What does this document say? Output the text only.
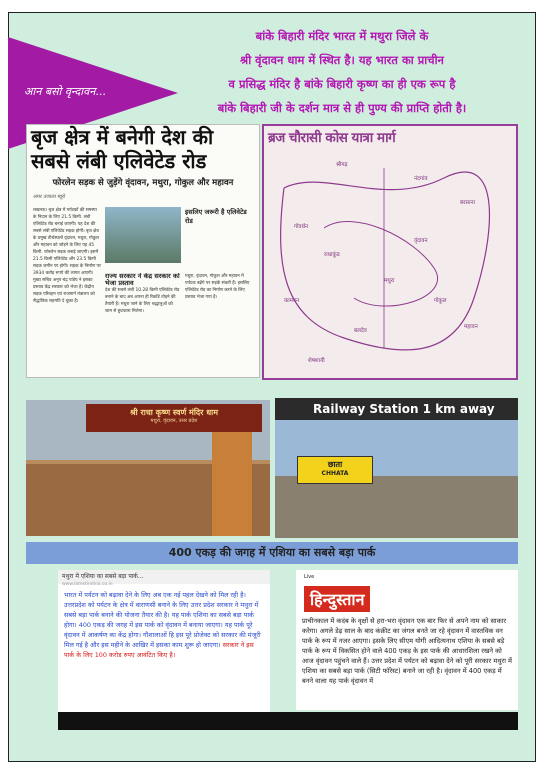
आन बसो वृन्दावन...
बांके बिहारी मंदिर भारत में मथुरा जिले के
श्री वृंदावन धाम में स्थित है। यह भारत का प्राचीन
व प्रसिद्ध मंदिर है बांके बिहारी कृष्ण का ही एक रूप है
बांके बिहारी जी के दर्शन मात्र से ही पुण्य की प्राप्ति होती है।
बृज क्षेत्र में बनेगी देश की
सबसे लंबी एलिवेटेड रोड
फोरलेन सड़क से जुड़ेंगे वृंदावन, मथुरा, गोकुल और महावन
अमर उजाला ब्यूरो
लखनऊ। बृज क्षेत्र में पर्यटकों की समस्या के निदान के लिए 21.5 किमी. लंबी एलिवेटेड रोड बनाई जाएगी। यह देश की सबसे लंबी एलिवेटेड सड़क होगी। बृज क्षेत्र के प्रमुख तीर्थस्थलों वृंदावन, मथुरा, गोकुल और महावन को जोड़ने के लिए यह 45 किमी. फोरलेन सड़क बनाई जाएगी। इसमें 21.5 किमी एलिवेटेड और 23.5 किमी सड़क जमीन पर होगी। सड़क के निर्माण पर 3934 करोड़ रुपये की लागत आएगी। मुख्य सचिव अनूप चंद्र पांडेय ने इसका प्रस्ताव केंद्र सरकार को भेजा है। केंद्रीय सड़क परिवहन एवं राजमार्ग मंत्रालय को सैद्धांतिक सहमति दे चुका है।
राज्य सरकार ने केंद्र सरकार को भेजा प्रस्ताव
देश की सबसे लंबी 10.28 किमी एलिवेटेड रोड बनाने के बाद अब अपना ही रिकॉर्ड तोड़ने की तैयारी है। मथुरा जाने के लिए श्रद्धालुओं को जाम से छुटकारा मिलेगा।
इसलिए जरूरी है एलिवेटेड रोड
मथुरा, वृंदावन, गोकुल और महावन में पर्यटक बढ़ेंगे पर सड़कें संकरी हैं। इसलिए एलिवेटेड रोड का निर्माण करने के लिए प्रस्ताव भेजा गया है।
ब्रज चौरासी कोस यात्रा मार्ग
श्रीगढ़
नंदगांव
बरसाना
गोवर्धन
राधाकुंड
वृंदावन
मथुरा
गोकुल
महावन
बलदेव
कामवन
शेषशायी
श्री राधा कृष्ण स्वर्ण मंदिर धाम
मथुरा, वृंदावन, उत्तर प्रदेश
Railway Station 1 km away
छाता
CHHATA
400 एकड़ की जगह में एशिया का सबसे बड़ा पार्क
मथुरा में एशिया का सबसे बड़ा पार्क...
www.latestindnia.co.in
भारत में पर्यटन को बढ़ावा देने के लिए अब एक नई पहल देखने को मिल रही है। उत्तरप्रदेश को पर्यटन के क्षेत्र में वाराणसी बनाने के लिए उत्तर प्रदेश सरकार ने मथुरा में सबसे बड़ा पार्क बनाने की योजना तैयार की है। यह पार्क एशिया का सबसे बड़ा पार्क होगा। 400 एकड़ की जगह में इस पार्क को वृंदावन में बनाया जाएगा। यह पार्क पूरे वृंदावन में आकर्षण का केंद्र होगा। गौशालाओं हि इस पूरे प्रोजेक्ट को सरकार की मंजूरी मिल गई है और इस महीने के आखिर में इसका काम शुरू हो जाएगा। सरकार ने इस पार्क के लिए 100 करोड रुपए आवंटित किए है।
Live
हिन्दुस्तान
प्राचीनकाल में कदंब के वृक्षों से हरा-भरा वृंदावन एक बार फिर से अपने नाम को साकार करेगा। अगले डेढ़ साल के बाद कंक्रीट का जंगल बनते जा रहे वृंदावन में वास्तविक वन पार्क के रूप में नजर आएगा। इसके लिए सीएम योगी आदित्यनाथ एशिया के सबसे बड़े पार्क के रूप में विकसित होने वाले 400 एकड़ के इस पार्क की आधारशिला रखने को आज वृंदावन पहुंचने वाले हैं। उत्तर प्रदेश में पर्यटन को बढ़ावा देने को पूरी सरकार मथुरा में एशिया का सबसे बड़ा पार्क (सिटी फॉरेस्ट) बनाने जा रही है। वृंदावन में 400 एकड़ में बनने वाला यह पार्क वृंदावन में
